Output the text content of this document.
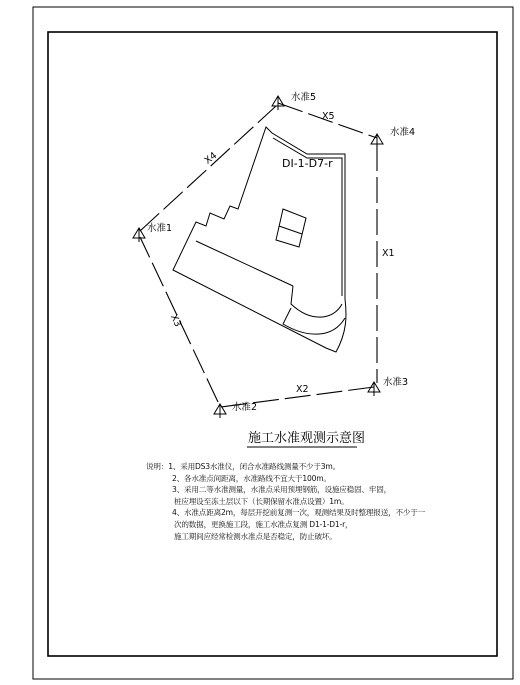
DI-1-D7-r
水准5
水准4
水准1
水准3
水准2
X5
X4
X1
X3
X2
施工水准观测示意图
说明：1、采用DS3水准仪，闭合水准路线测量不少于3m。
2、各水准点间距离，水准路线不宜大于100m。
3、采用二等水准测量，水准点采用预埋钢筋，设施应稳固、牢固，
桩应埋设至冻土层以下（长期保留水准点设置）1m。
4、水准点距离2m，每层开挖前复测一次，观测结果及时整理报送，不少于一
次的数据，更换施工段，施工水准点复测 D1-1-D1-r，
施工期间应经常检测水准点是否稳定，防止破坏。
